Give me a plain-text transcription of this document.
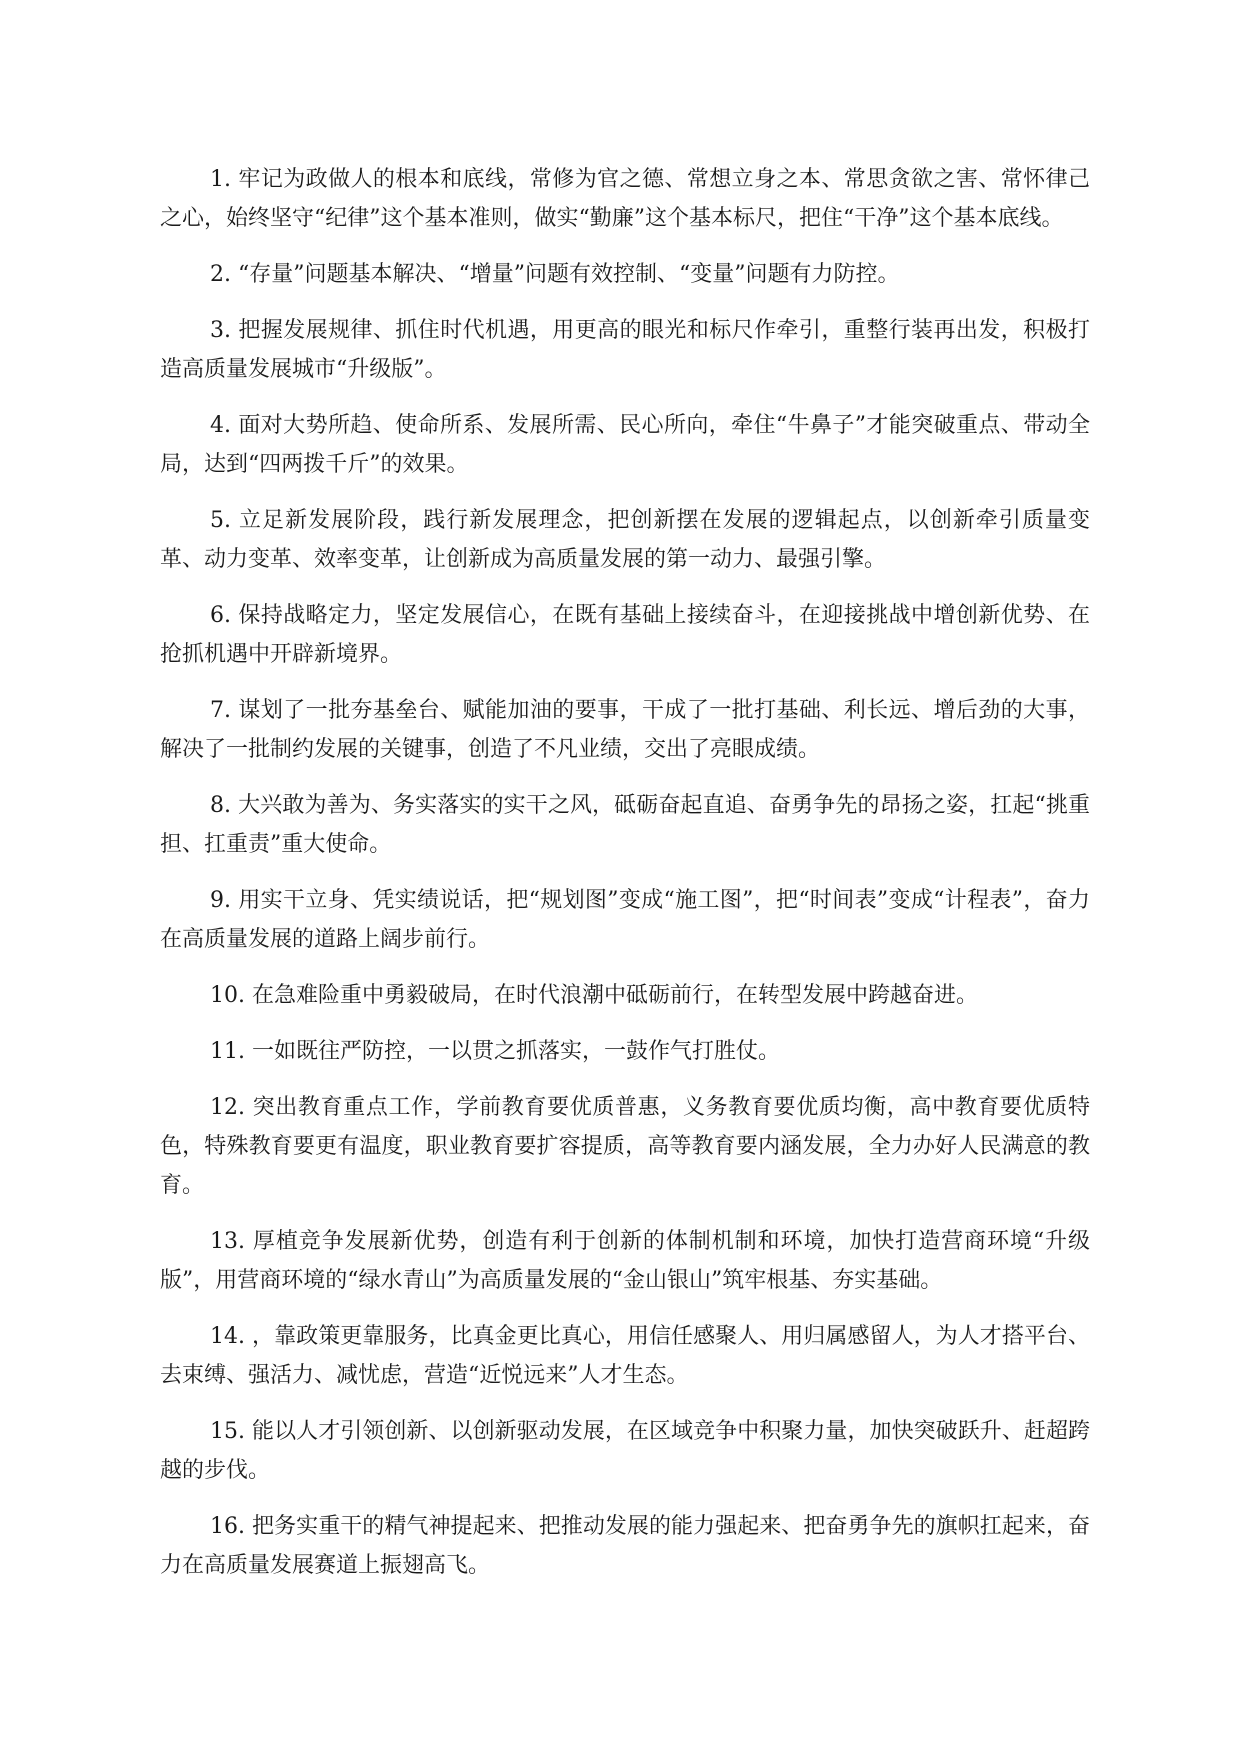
1. 牢记为政做人的根本和底线，常修为官之德、常想立身之本、常思贪欲之害、常怀律己之心，始终坚守“纪律”这个基本准则，做实“勤廉”这个基本标尺，把住“干净”这个基本底线。

2. “存量”问题基本解决、“增量”问题有效控制、“变量”问题有力防控。

3. 把握发展规律、抓住时代机遇，用更高的眼光和标尺作牵引，重整行装再出发，积极打造高质量发展城市“升级版”。

4. 面对大势所趋、使命所系、发展所需、民心所向，牵住“牛鼻子”才能突破重点、带动全局，达到“四两拨千斤”的效果。

5. 立足新发展阶段，践行新发展理念，把创新摆在发展的逻辑起点，以创新牵引质量变革、动力变革、效率变革，让创新成为高质量发展的第一动力、最强引擎。

6. 保持战略定力，坚定发展信心，在既有基础上接续奋斗，在迎接挑战中增创新优势、在抢抓机遇中开辟新境界。

7. 谋划了一批夯基垒台、赋能加油的要事，干成了一批打基础、利长远、增后劲的大事，解决了一批制约发展的关键事，创造了不凡业绩，交出了亮眼成绩。

8. 大兴敢为善为、务实落实的实干之风，砥砺奋起直追、奋勇争先的昂扬之姿，扛起“挑重担、扛重责”重大使命。

9. 用实干立身、凭实绩说话，把“规划图”变成“施工图”，把“时间表”变成“计程表”，奋力在高质量发展的道路上阔步前行。

10. 在急难险重中勇毅破局，在时代浪潮中砥砺前行，在转型发展中跨越奋进。

11. 一如既往严防控，一以贯之抓落实，一鼓作气打胜仗。

12. 突出教育重点工作，学前教育要优质普惠，义务教育要优质均衡，高中教育要优质特色，特殊教育要更有温度，职业教育要扩容提质，高等教育要内涵发展，全力办好人民满意的教育。

13. 厚植竞争发展新优势，创造有利于创新的体制机制和环境，加快打造营商环境“升级版”，用营商环境的“绿水青山”为高质量发展的“金山银山”筑牢根基、夯实基础。

14. ，靠政策更靠服务，比真金更比真心，用信任感聚人、用归属感留人，为人才搭平台、去束缚、强活力、减忧虑，营造“近悦远来”人才生态。

15. 能以人才引领创新、以创新驱动发展，在区域竞争中积聚力量，加快突破跃升、赶超跨越的步伐。

16. 把务实重干的精气神提起来、把推动发展的能力强起来、把奋勇争先的旗帜扛起来，奋力在高质量发展赛道上振翅高飞。
